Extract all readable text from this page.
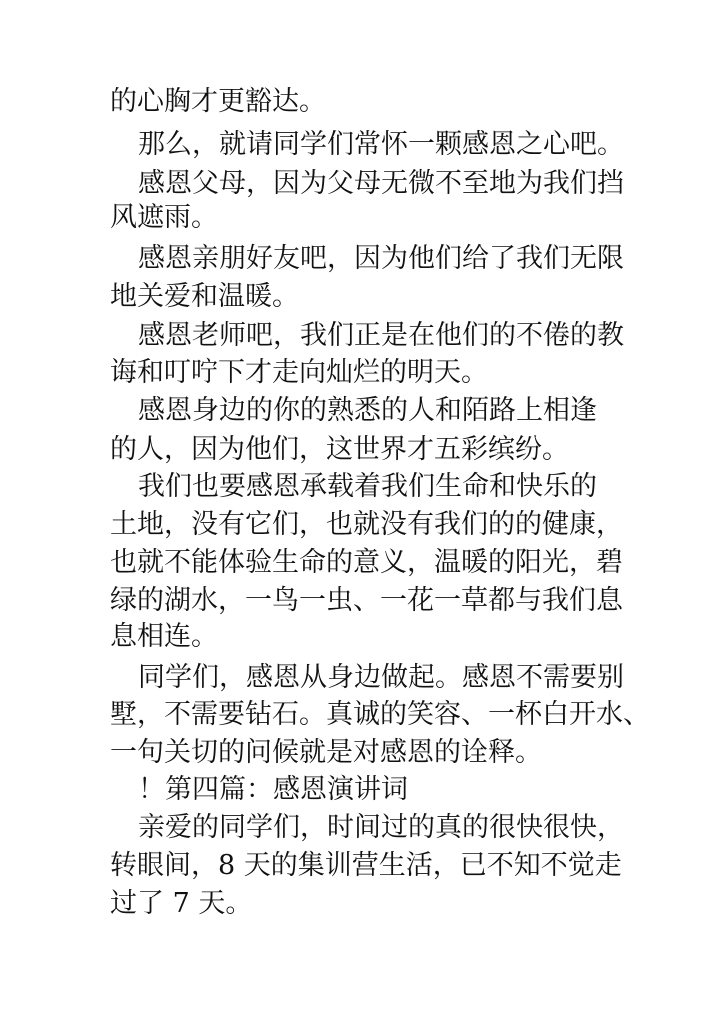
的心胸才更豁达。
那么，就请同学们常怀一颗感恩之心吧。
感恩父母，因为父母无微不至地为我们挡
风遮雨。
感恩亲朋好友吧，因为他们给了我们无限
地关爱和温暖。
感恩老师吧，我们正是在他们的不倦的教
诲和叮咛下才走向灿烂的明天。
感恩身边的你的熟悉的人和陌路上相逢
的人，因为他们，这世界才五彩缤纷。
我们也要感恩承载着我们生命和快乐的
土地，没有它们，也就没有我们的的健康，
也就不能体验生命的意义，温暖的阳光，碧
绿的湖水，一鸟一虫、一花一草都与我们息
息相连。
同学们，感恩从身边做起。感恩不需要别
墅，不需要钻石。真诚的笑容、一杯白开水、
一句关切的问候就是对感恩的诠释。
！第四篇：感恩演讲词
亲爱的同学们，时间过的真的很快很快，
转眼间，8 天的集训营生活，已不知不觉走
过了 7 天。
